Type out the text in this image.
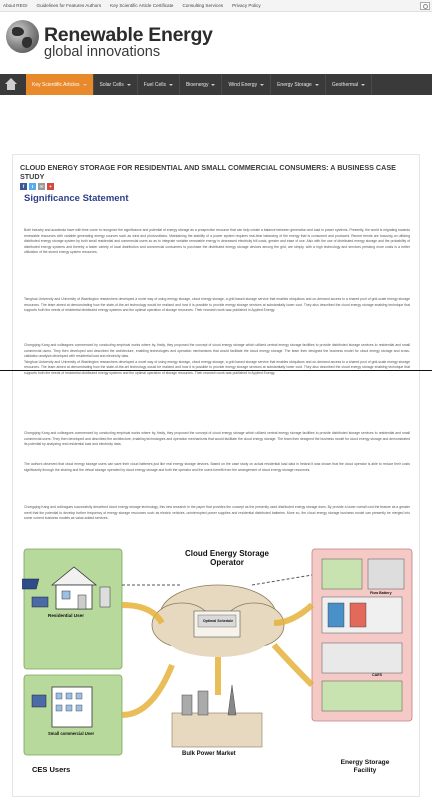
About REGI Guidelines for Features Authors Key Scientific Article Certificate Consulting Services Privacy Policy
Renewable Energy
global innovations
Key Scientific Articles	Solar Cells	Fuel Cells	Bioenergy	Wind Energy	Energy Storage	Geothermal
CLOUD ENERGY STORAGE FOR RESIDENTIAL AND SMALL COMMERCIAL CONSUMERS: A BUSINESS CASE STUDY
f	t	✉	+
Significance Statement
Both industry and academia have with time come to recognize the significance and potential of energy storage as a prospective resource that can help create a balance between generation and load in power systems. Presently, the world is migrating towards renewable resources with variable generating energy sources such as wind and photovoltaics. Maintaining the stability of a power system requires real-time balancing of the energy that is consumed and produced. Recent trends are focusing on utilizing distributed energy storage system by both small residential and commercial users so as to integrate variable renewable energy in decreased electricity bill costs, greater and ease of use. Also with the use of distributed energy storage and the probability of distributed energy systems and thereby a faster variety of local distribution and commercial consumers to purchase the distributed energy storage devices among the grid, are simply, with a high technology and services pressing more costs is a better utilization of the stored energy system resources.
Tsinghua University and University of Washington researchers developed a novel way of using energy storage, cloud energy storage, a grid based storage service that enables ubiquitous and on-demand access to a shared pool of grid-scale energy storage resources. The team aimed at demonstrating how the state-of-the-art technology would be realized and how it is possible to provide energy storage services at substantially lower cost. They also described the cloud energy storage enabling technique that supports both the needs of residential distributed energy systems and the optimal operation of storage resources. Their research work was published in Applied Energy.
Chongqing Kang and colleagues commenced by conducting empirical works where by, firstly, they proposed the concept of cloud energy storage which utilized central energy storage facilities to provide distributed storage services to residential and small commercial users. They then developed and described the architecture, enabling technologies and operation mechanisms that would facilitate the cloud energy storage. The team then designed the business model for cloud energy storage and cross-validation analysis developed with residential load and electricity data.
Tsinghua University and University of Washington researchers developed a novel way of using energy storage, cloud energy storage, a grid based storage service that enables ubiquitous and on-demand access to a shared pool of grid-scale energy storage resources. The team aimed at demonstrating how the state-of-the-art technology would be realized and how it is possible to provide energy storage services at substantially lower cost. They also described the cloud energy storage enabling technique that supports both the needs of residential distributed energy systems and the optimal operation of storage resources. Their research work was published in Applied Energy.
Chongqing Kang and colleagues commenced by conducting empirical works where by, firstly, they proposed the concept of cloud energy storage which utilized central energy storage facilities to provide distributed storage services to residential and small commercial users. They then developed and described the architecture, enabling technologies and operation mechanisms that would facilitate the cloud energy storage. The team then designed the business model for cloud energy storage and demonstrated its potential by analyzing real residential load and electricity data.
The authors observed that cloud energy storage users can save their cloud batteries just like real energy storage devices. Based on the case study on actual residential load data in Ireland it was shown that the cloud operator is able to reduce their costs significantly through the sharing and the virtual storage operated by cloud energy storage and both the operator and the users benefit from the arrangement of cloud energy storage resources.
Chongqing Kang and colleagues successfully described cloud energy storage technology, this new research in the paper that provides the concept as the presently used distributed energy storage does. By provide a lower overall cost the feature as a greater merit that the potential to develop further frequency of energy storage resources such as electric vehicles, uninterrupted power supplies and residential distributed batteries. More so, the cloud energy storage business model can presently be merged into some current business models as value-added services.
Cloud Energy Storage Operator
Optimal Schedule
Residential User
Small commercial User
CES Users
Bulk Power Market
Energy Storage Facility
Flow Battery
CAES
